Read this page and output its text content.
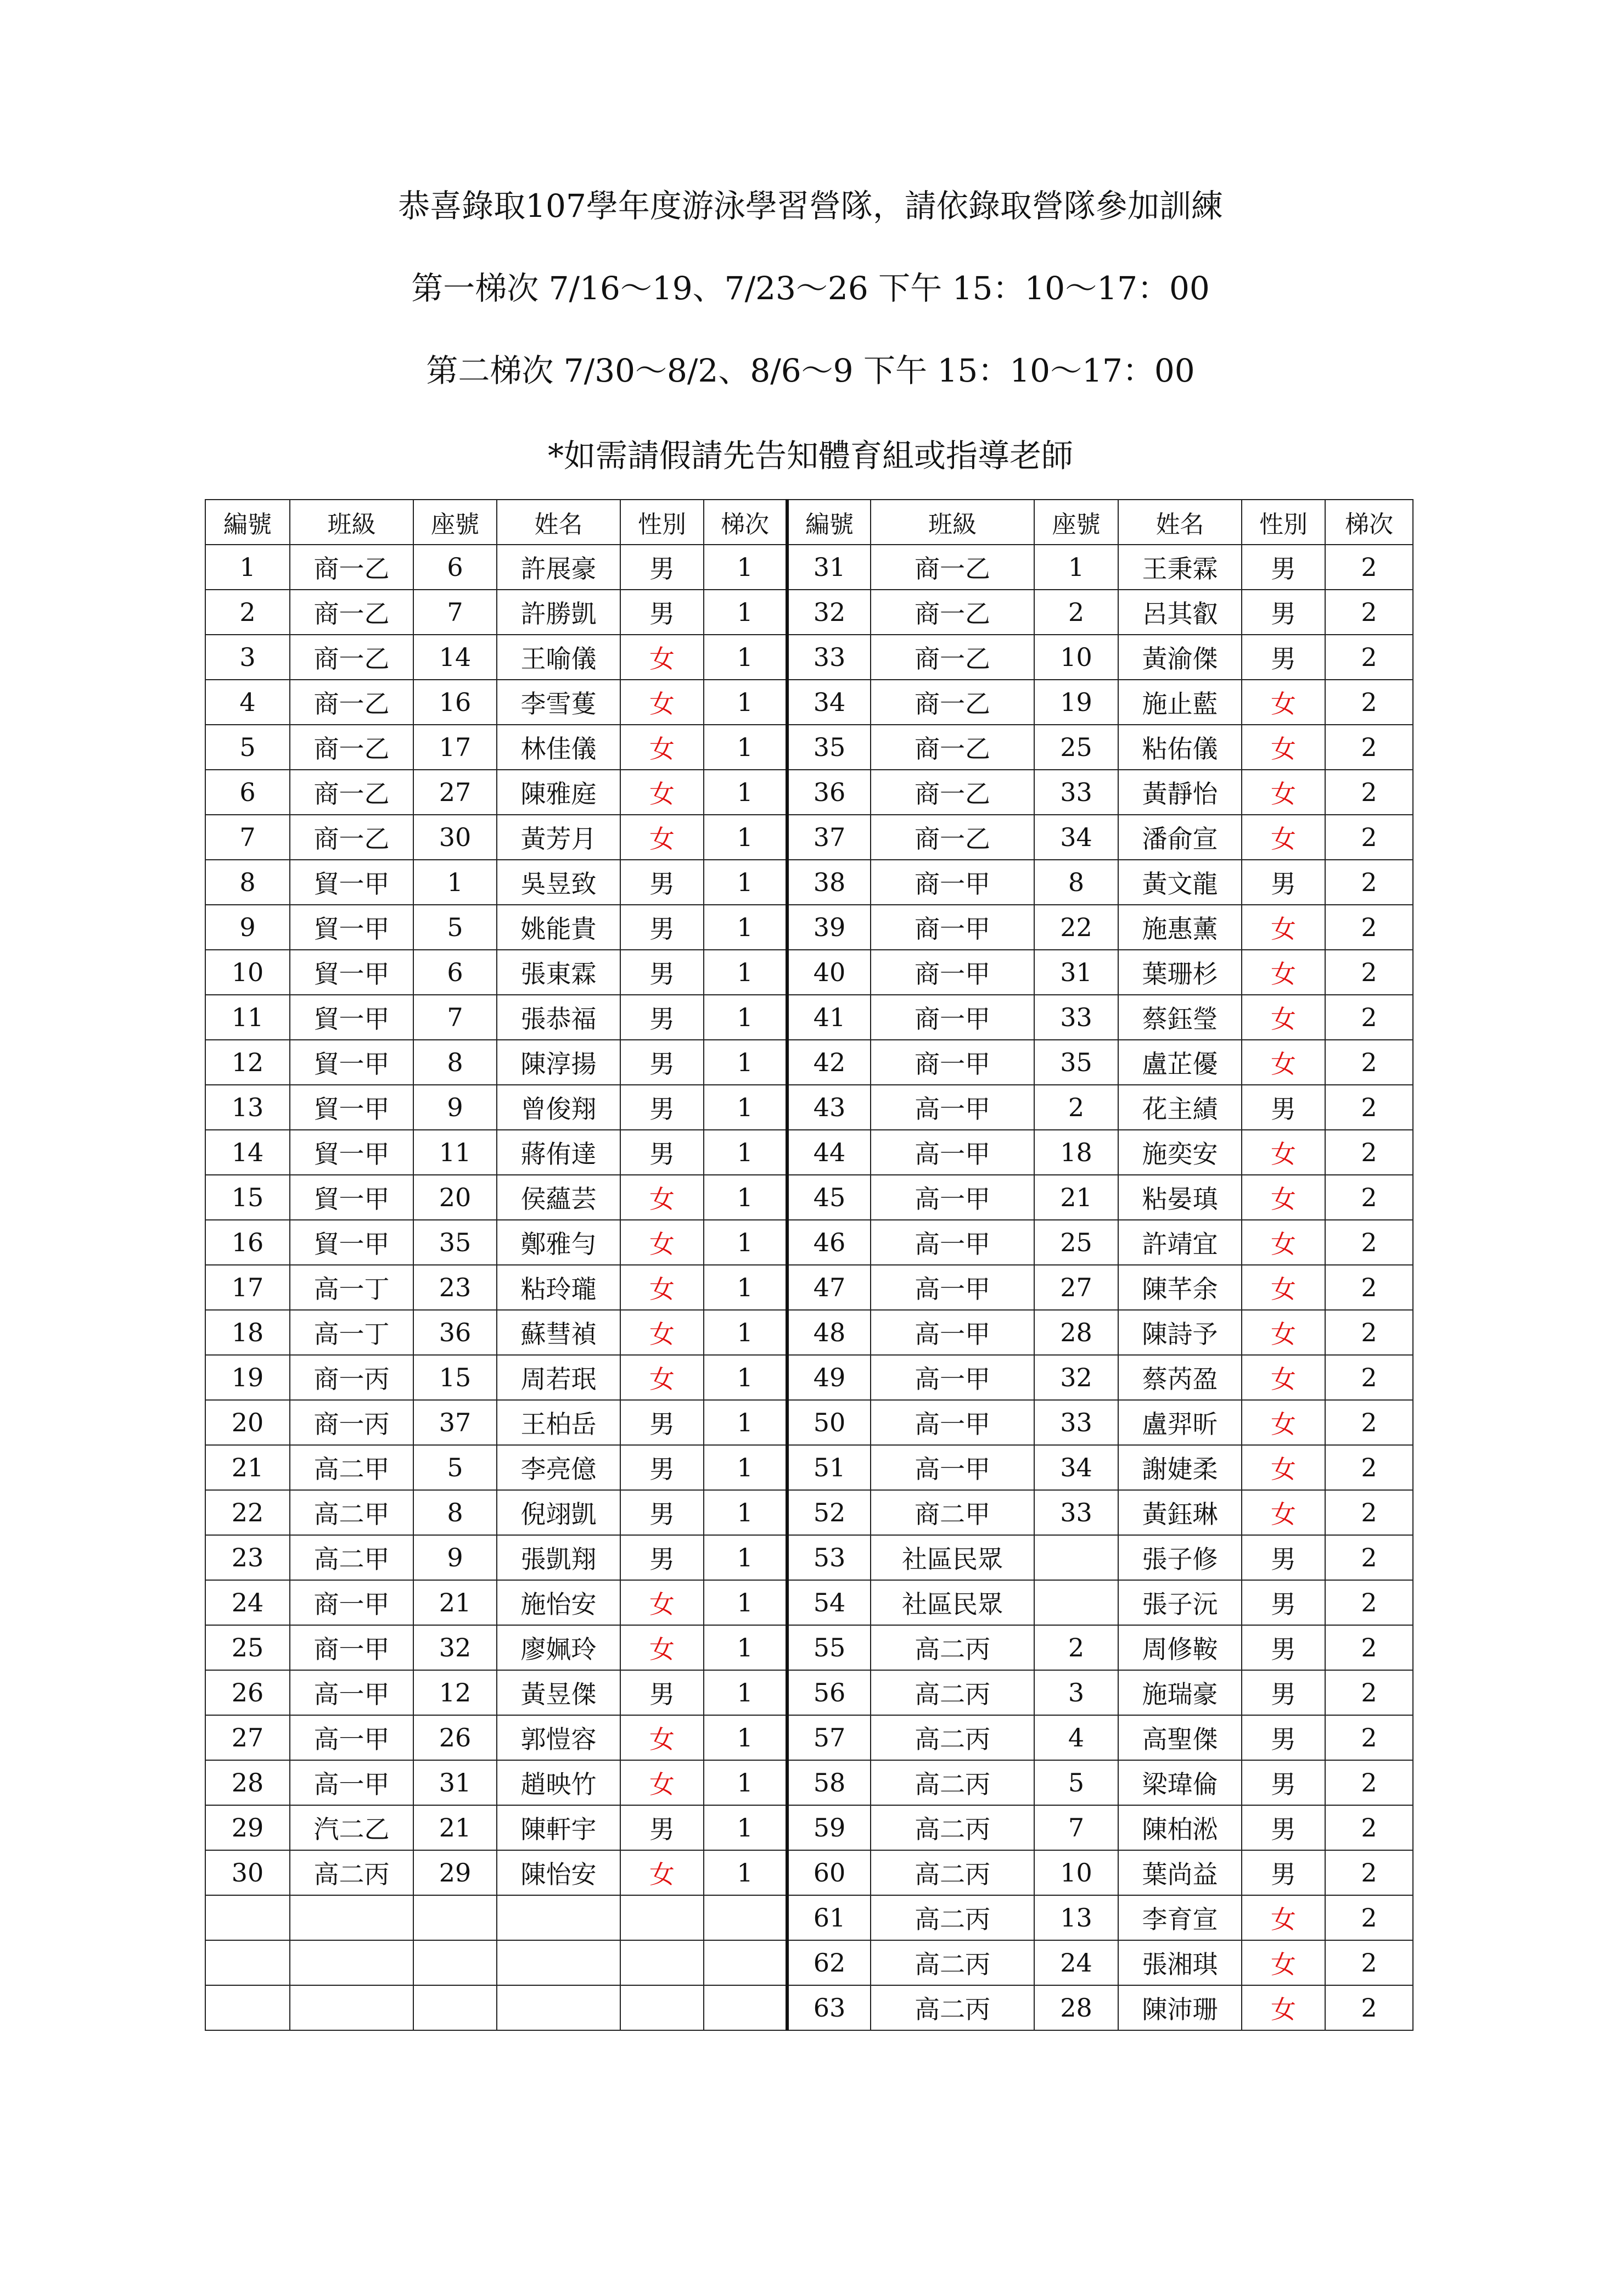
恭喜錄取107學年度游泳學習營隊，請依錄取營隊參加訓練
第一梯次 7/16～19、7/23～26 下午 15：10～17：00
第二梯次 7/30～8/2、8/6～9 下午 15：10～17：00
*如需請假請先告知體育組或指導老師
編號	班級	座號	姓名	性別	梯次	編號	班級	座號	姓名	性別	梯次
1	商一乙	6	許展豪	男	1	31	商一乙	1	王秉霖	男	2
2	商一乙	7	許勝凱	男	1	32	商一乙	2	呂其叡	男	2
3	商一乙	14	王喻儀	女	1	33	商一乙	10	黃渝傑	男	2
4	商一乙	16	李雪蒦	女	1	34	商一乙	19	施止藍	女	2
5	商一乙	17	林佳儀	女	1	35	商一乙	25	粘佑儀	女	2
6	商一乙	27	陳雅庭	女	1	36	商一乙	33	黃靜怡	女	2
7	商一乙	30	黃芳月	女	1	37	商一乙	34	潘俞宣	女	2
8	貿一甲	1	吳昱致	男	1	38	商一甲	8	黃文龍	男	2
9	貿一甲	5	姚能貴	男	1	39	商一甲	22	施惠薰	女	2
10	貿一甲	6	張東霖	男	1	40	商一甲	31	葉珊杉	女	2
11	貿一甲	7	張恭福	男	1	41	商一甲	33	蔡鈺瑩	女	2
12	貿一甲	8	陳淳揚	男	1	42	商一甲	35	盧芷優	女	2
13	貿一甲	9	曾俊翔	男	1	43	高一甲	2	花主績	男	2
14	貿一甲	11	蔣侑達	男	1	44	高一甲	18	施奕安	女	2
15	貿一甲	20	侯蘊芸	女	1	45	高一甲	21	粘晏瑱	女	2
16	貿一甲	35	鄭雅勻	女	1	46	高一甲	25	許靖宜	女	2
17	高一丁	23	粘玲瓏	女	1	47	高一甲	27	陳芊余	女	2
18	高一丁	36	蘇彗禎	女	1	48	高一甲	28	陳詩予	女	2
19	商一丙	15	周若珉	女	1	49	高一甲	32	蔡芮盈	女	2
20	商一丙	37	王柏岳	男	1	50	高一甲	33	盧羿昕	女	2
21	高二甲	5	李亮億	男	1	51	高一甲	34	謝婕柔	女	2
22	高二甲	8	倪翊凱	男	1	52	商二甲	33	黃鈺琳	女	2
23	高二甲	9	張凱翔	男	1	53	社區民眾		張子修	男	2
24	商一甲	21	施怡安	女	1	54	社區民眾		張子沅	男	2
25	商一甲	32	廖姵玲	女	1	55	高二丙	2	周修鞍	男	2
26	高一甲	12	黃昱傑	男	1	56	高二丙	3	施瑞豪	男	2
27	高一甲	26	郭愷容	女	1	57	高二丙	4	高聖傑	男	2
28	高一甲	31	趙映竹	女	1	58	高二丙	5	梁瑋倫	男	2
29	汽二乙	21	陳軒宇	男	1	59	高二丙	7	陳柏淞	男	2
30	高二丙	29	陳怡安	女	1	60	高二丙	10	葉尚益	男	2
						61	高二丙	13	李育宣	女	2
						62	高二丙	24	張湘琪	女	2
						63	高二丙	28	陳沛珊	女	2
